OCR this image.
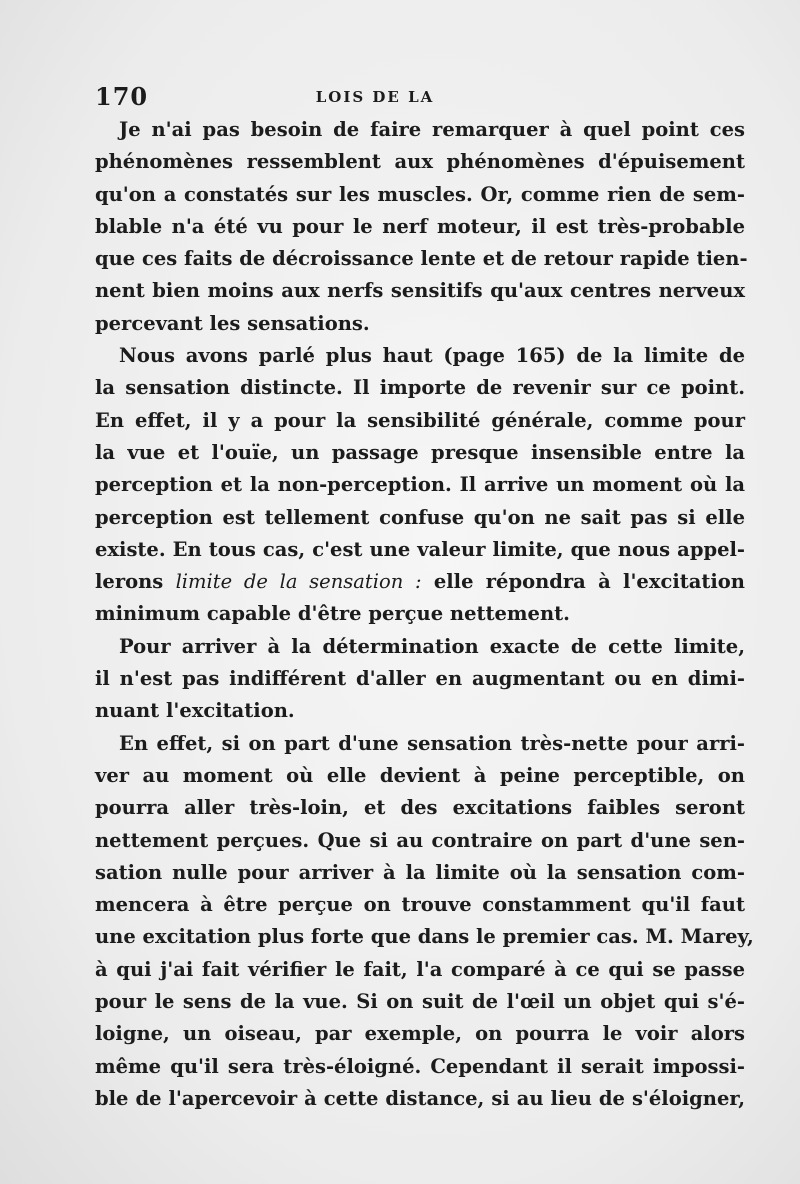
170	LOIS DE LA
Je n'ai pas besoin de faire remarquer à quel point ces
phénomènes ressemblent aux phénomènes d'épuisement
qu'on a constatés sur les muscles. Or, comme rien de sem-
blable n'a été vu pour le nerf moteur, il est très-probable
que ces faits de décroissance lente et de retour rapide tien-
nent bien moins aux nerfs sensitifs qu'aux centres nerveux
percevant les sensations.
Nous avons parlé plus haut (page 165) de la limite de
la sensation distincte. Il importe de revenir sur ce point.
En effet, il y a pour la sensibilité générale, comme pour
la vue et l'ouïe, un passage presque insensible entre la
perception et la non-perception. Il arrive un moment où la
perception est tellement confuse qu'on ne sait pas si elle
existe. En tous cas, c'est une valeur limite, que nous appel-
lerons limite de la sensation : elle répondra à l'excitation
minimum capable d'être perçue nettement.
Pour arriver à la détermination exacte de cette limite,
il n'est pas indifférent d'aller en augmentant ou en dimi-
nuant l'excitation.
En effet, si on part d'une sensation très-nette pour arri-
ver au moment où elle devient à peine perceptible, on
pourra aller très-loin, et des excitations faibles seront
nettement perçues. Que si au contraire on part d'une sen-
sation nulle pour arriver à la limite où la sensation com-
mencera à être perçue on trouve constamment qu'il faut
une excitation plus forte que dans le premier cas. M. Marey,
à qui j'ai fait vérifier le fait, l'a comparé à ce qui se passe
pour le sens de la vue. Si on suit de l'œil un objet qui s'é-
loigne, un oiseau, par exemple, on pourra le voir alors
même qu'il sera très-éloigné. Cependant il serait impossi-
ble de l'apercevoir à cette distance, si au lieu de s'éloigner,
